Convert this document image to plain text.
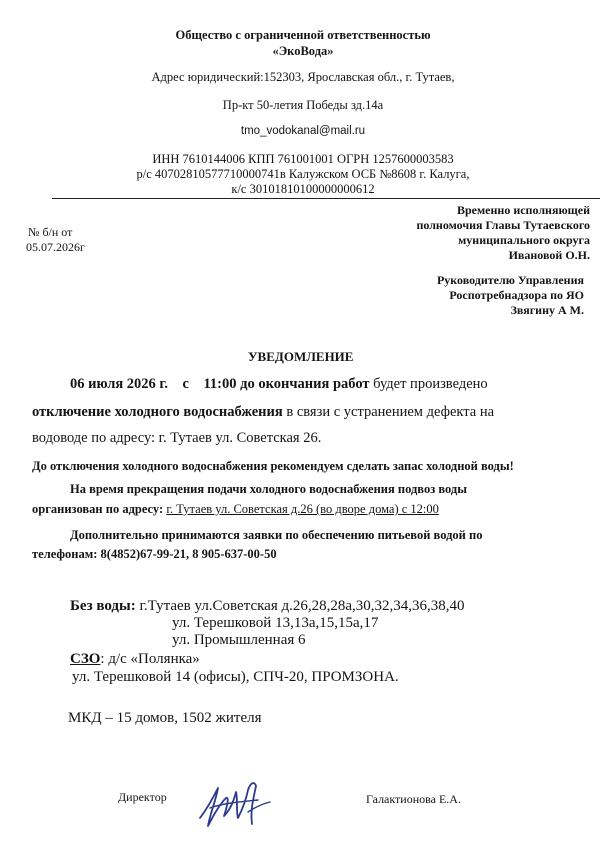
Общество с ограниченной ответственностью
«ЭкоВода»
Адрес юридический:152303, Ярославская обл., г. Тутаев,
Пр-кт 50-летия Победы зд.14а
tmo_vodokanal@mail.ru
ИНН 7610144006 КПП 761001001 ОГРН 1257600003583
р/с 40702810577710000741в Калужском ОСБ №8608 г. Калуга,
к/с 30101810100000000612
№ б/н от
05.07.2026г
Временно исполняющей
полномочия Главы Тутаевского
муниципального округа
Ивановой О.Н.
Руководителю Управления
Роспотребнадзора по ЯО
Звягину А М.
УВЕДОМЛЕНИЕ
06 июля 2026 г. с 11:00 до окончания работ будет произведено
отключение холодного водоснабжения в связи с устранением дефекта на
водоводе по адресу: г. Тутаев ул. Советская 26.
До отключения холодного водоснабжения рекомендуем сделать запас холодной воды!
На время прекращения подачи холодного водоснабжения подвоз воды
организован по адресу: г. Тутаев ул. Советская д.26 (во дворе дома) с 12:00
Дополнительно принимаются заявки по обеспечению питьевой водой по
телефонам: 8(4852)67-99-21, 8 905-637-00-50
Без воды: г.Тутаев ул.Советская д.26,28,28а,30,32,34,36,38,40
ул. Терешковой 13,13а,15,15а,17
ул. Промышленная 6
СЗО: д/с «Полянка»
ул. Терешковой 14 (офисы), СПЧ-20, ПРОМЗОНА.
МКД – 15 домов, 1502 жителя
Директор	Галактионова Е.А.
